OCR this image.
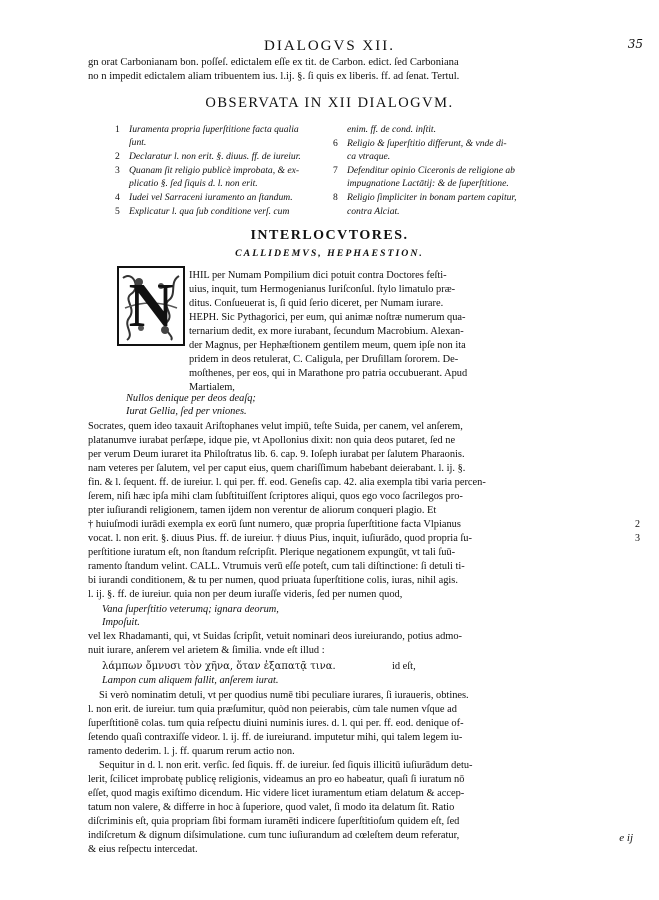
DIALOGVS XII.	35
gn orat Carbonianam bon. poſſeſ. edictalem eſſe ex tit. de Carbon. edict. ſed Carboniana
no n impedit edictalem aliam tribuentem ius. l.ij. §. ſi quis ex liberis. ff. ad ſenat. Tertul.
OBSERVATA IN XII DIALOGVM.
1 Iuramenta propria ſuperſtitione facta qualia
ſunt.
2 Declaratur l. non erit. §. diuus. ff. de iureiur.
3 Quanam ſit religio publicè improbata, & ex-
plicatio §. ſed ſiquis d. l. non erit.
4 Iudei vel Sarraceni iuramento an ſtandum.
5 Explicatur l. qua ſub conditione verſ. cum
enim. ff. de cond. inſtit.
6 Religio & ſuperſtitio differunt, & vnde di-
ca vtraque.
7 Defenditur opinio Ciceronis de religione ab
impugnatione Lactātij: & de ſuperſtitione.
8 Religio ſimpliciter in bonam partem capitur,
contra Alciat.
INTERLOCVTORES.
CALLIDEMVS, HEPHAESTION.
N	IHIL per Numam Pompilium dici potuit contra Doctores feſti-
uius, inquit, tum Hermogenianus Iuriſconſul. ſtylo limatulo præ-
ditus. Conſueuerat is, ſi quid ſerio diceret, per Numam iurare.
HEPH. Sic Pythagorici, per eum, qui animæ noſtræ numerum qua-
ternarium dedit, ex more iurabant, ſecundum Macrobium. Alexan-
der Magnus, per Hephæſtionem gentilem meum, quem ipſe non ita
pridem in deos retulerat, C. Caligula, per Druſillam ſororem. De-
moſthenes, per eos, qui in Marathone pro patria occubuerant. Apud
Martialem,
Nullos denique per deos deaſq;
Iurat Gellia, ſed per vniones.
Socrates, quem ideo taxauit Ariſtophanes velut impiū, teſte Suida, per canem, vel anſerem,
platanumve iurabat perſæpe, idque pie, vt Apollonius dixit: non quia deos putaret, ſed ne
per verum Deum iuraret ita Philoſtratus lib. 6. cap. 9. Ioſeph iurabat per ſalutem Pharaonis.
nam veteres per ſalutem, vel per caput eius, quem chariſſimum habebant deierabant. l. ij. §.
fin. & l. ſequent. ff. de iureiur. l. qui per. ff. eod. Geneſis cap. 42. alia exempla tibi varia percen-
ſerem, niſi hæc ipſa mihi clam ſubſtituiſſent ſcriptores aliqui, quos ego voco ſacrilegos pro-
pter iuſiurandi religionem, tamen ijdem non verentur de aliorum conqueri plagio. Et
† huiuſmodi iurādi exempla ex eorū ſunt numero, quæ propria ſuperſtitione facta Vlpianus
vocat. l. non erit. §. diuus Pius. ff. de iureiur. † diuus Pius, inquit, iuſiurādo, quod propria ſu-
perſtitione iuratum eſt, non ſtandum reſcripſit. Plerique negationem expungūt, vt tali ſuū-
ramento ſtandum velint. CALL. Vtrumuis verū eſſe poteſt, cum tali diſtinctione: ſi detuli ti-
bi iurandi conditionem, & tu per numen, quod priuata ſuperſtitione colis, iuras, nihil agis.
l. ij. §. ff. de iureiur. quia non per deum iuraſſe videris, ſed per numen quod,
2
3
Vana ſuperſtitio veterumq; ignara deorum,
Impoſuit.
vel lex Rhadamanti, qui, vt Suidas ſcripſit, vetuit nominari deos iureiurando, potius admo-
nuit iurare, anſerem vel arietem & ſimilia. vnde eſt illud :
λάμπων ὄμνυσι τὸν χῆνα, ὅταν ἐξαπατᾷ τινα.	id eſt,
Lampon cum aliquem fallit, anſerem iurat.
Si verò nominatim detuli, vt per quodius numē tibi peculiare iurares, ſi iuraueris, obtines.
l. non erit. de iureiur. tum quia præſumitur, quòd non peierabis, cùm tale numen vſque ad
ſuperſtitionē colas. tum quia reſpectu diuini numinis iures. d. l. qui per. ff. eod. denique of-
ſetendo quaſi contraxiſſe videor. l. ij. ff. de iureiurand. imputetur mihi, qui talem legem iu-
ramento dederim. l. j. ff. quarum rerum actio non.
Sequitur in d. l. non erit. verſic. ſed ſiquis. ff. de iureiur. ſed ſiquis illicitū iuſiurādum detu-
lerit, ſcilicet improbatę publicę religionis, videamus an pro eo habeatur, quaſi ſi iuratum nō
eſſet, quod magis exiſtimo dicendum. Hic videre licet iuramentum etiam delatum & accep-
tatum non valere, & differre in hoc à ſuperiore, quod valet, ſi modo ita delatum ſit. Ratio
diſcriminis eſt, quia propriam ſibi formam iuramēti indicere ſuperſtitioſum quidem eſt, ſed
indiſcretum & dignum diſsimulatione. cum tunc iuſiurandum ad cœleſtem deum referatur,
& eius reſpectu intercedat.
e ij
